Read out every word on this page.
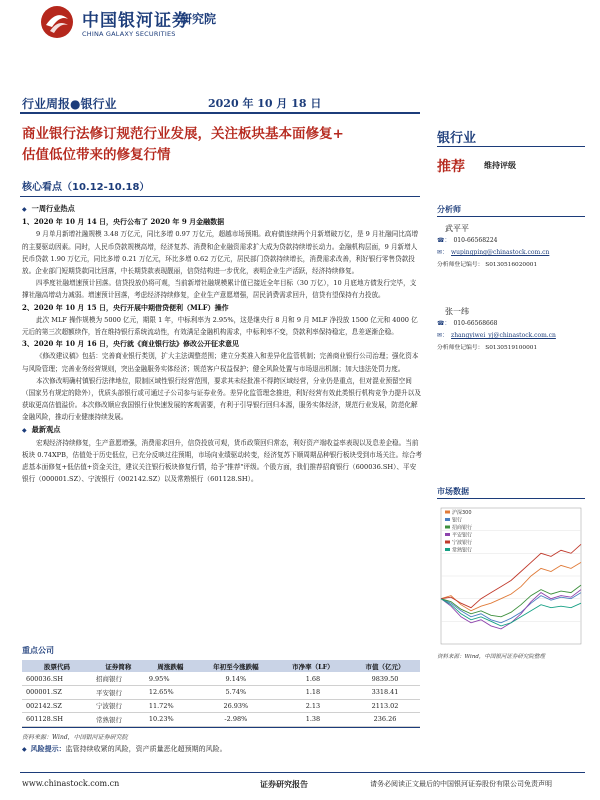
中国银河证券
研究院
CHINA GALAXY SECURITIES
行业周报●银行业	2020 年 10 月 18 日
商业银行法修订规范行业发展，关注板块基本面修复+
估值低位带来的修复行情
银行业
推荐 维持评级
核心看点（10.12-10.18）
◆ 一周行业热点
1、2020 年 10 月 14 日，央行公布了 2020 年 9 月金融数据
9 月单月新增社融规模 3.48 万亿元，同比多增 0.97 万亿元，超越市场预期。政府债连续两个月新增破万亿，是 9 月社融同比高增的主要驱动因素。同时，人民币贷款规模高增，经济复苏、消费和企业融资需求扩大成为贷款持续增长动力。金融机构层面，9 月新增人民币贷款 1.90 万亿元，同比多增 0.21 万亿元，环比多增 0.62 万亿元，居民部门贷款持续增长，消费需求改善，利好银行零售贷款投放。企业部门短期贷款同比回落，中长期贷款表现靓丽，信贷结构进一步优化，表明企业生产活跃，经济持续修复。
四季度社融增速预计回落。信贷投放仍将可观，当前新增社融规模累计值已接近全年目标（30 万亿），10 月底地方债发行完毕，支撑社融高增动力减弱。增速预计回落，考虑经济持续修复，企业生产意愿增强，居民消费需求回升，信贷有望保持有力投放。
2、2020 年 10 月 15 日，央行开展中期借贷便利（MLF）操作
此次 MLF 操作规模为 5000 亿元，期限 1 年，中标利率为 2.95%，这是继央行 8 月和 9 月 MLF 净投放 1500 亿元和 4000 亿元后的第三次超额续作，旨在维持银行系统流动性，有效满足金融机构需求，中标利率不变，贷款利率保持稳定，息差逐渐企稳。
3、2020 年 10 月 16 日，央行就《商业银行法》修改公开征求意见
《修改建议稿》包括：完善商业银行类别，扩大主法调整范围；建立分类准入和差异化监管机制；完善商业银行公司治理；强化资本与风险管理；完善业务经营规则，突出金融服务实体经济；规范客户权益保护；健全风险处置与市场退出机制；加大违法处罚力度。
本次修改明确村镇银行法律地位，限制区域性银行经营范围，要求其未经批准不得跨区域经营，分业仍是重点，但对混业预留空间（国家另有规定的除外），优质头部银行或可通过子公司参与证券业务。差异化监管理念推进，利好经营有效此类银行机构竞争力提升以及获取更高估值溢价。本次修改顺应我国银行业快速发展的客观需要，有利于引导银行回归本源，服务实体经济，规范行业发展，防范化解金融风险，推动行业健康持续发展。
◆ 最新观点
宏观经济持续修复，生产意愿增强，消费需求回升，信贷投放可观，货币政策回归常态，利好资产端收益率表现以及息差企稳。当前板块 0.74XPB，估值处于历史低位，已充分反映过往预期，市场向业绩驱动转变，经济复苏下顺周期品种银行板块受到市场关注。综合考虑基本面修复+低估值+资金关注，建议关注银行板块修复行情，给予"推荐"评级。个股方面，我们推荐招商银行（600036.SH）、平安银行（000001.SZ）、宁波银行（002142.SZ）以及常熟银行（601128.SH）。
重点公司
股票代码	证券简称	周涨跌幅	年初至今涨跌幅	市净率（LF）	市值（亿元）
600036.SH	招商银行	9.95%	9.14%	1.68	9839.50
000001.SZ	平安银行	12.65%	5.74%	1.18	3318.41
002142.SZ	宁波银行	11.72%	26.93%	2.13	2113.02
601128.SH	常熟银行	10.23%	-2.98%	1.38	236.26
资料来源：Wind，中国银河证券研究院
◆ 风险提示：监管持续收紧的风险，资产质量恶化超预期的风险。
www.chinastock.com.cn	证券研究报告	请务必阅读正文最后的中国银河证券股份有限公司免责声明
分析师
武平平
☎： 010-66568224
✉： wupingping@chinastock.com.cn
分析师登记编号： S0130516020001
张一纬
☎： 010-66568668
✉： zhangyiwei_yj@chinastock.com.cn
分析师登记编号： S0130519100001
市场数据
沪深300
银行
招商银行
平安银行
宁波银行
常熟银行
资料来源：Wind，中国银河证券研究院整理
